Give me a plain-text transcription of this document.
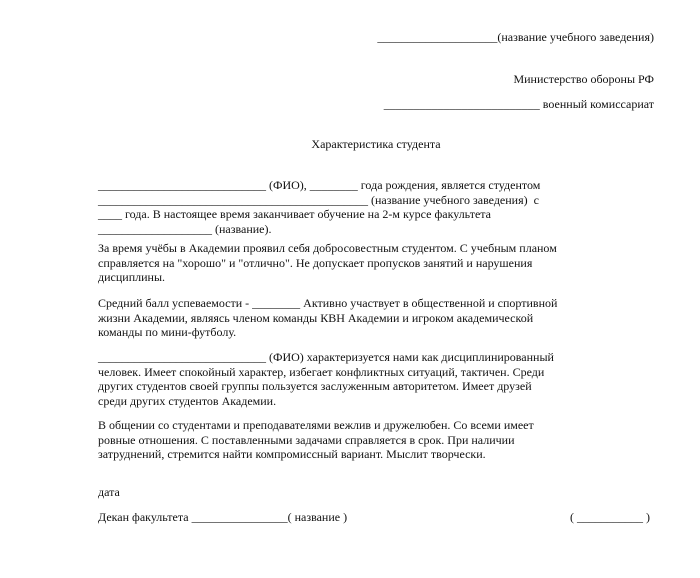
____________________(название учебного заведения)
Министерство обороны РФ
__________________________ военный комиссариат
Характеристика студента
____________________________ (ФИО), ________ года рождения, является студентом
_____________________________________________ (название учебного заведения)  с
____ года. В настоящее время заканчивает обучение на 2-м курсе факультета
___________________ (название).
За время учёбы в Академии проявил себя добросовестным студентом. С учебным планом
справляется на "хорошо" и "отлично". Не допускает пропусков занятий и нарушения
дисциплины.
Средний балл успеваемости - ________ Активно участвует в общественной и спортивной
жизни Академии, являясь членом команды КВН Академии и игроком академической
команды по мини-футболу.
____________________________ (ФИО) характеризуется нами как дисциплинированный
человек. Имеет спокойный характер, избегает конфликтных ситуаций, тактичен. Среди
других студентов своей группы пользуется заслуженным авторитетом. Имеет друзей
среди других студентов Академии.
В общении со студентами и преподавателями вежлив и дружелюбен. Со всеми имеет
ровные отношения. С поставленными задачами справляется в срок. При наличии
затруднений, стремится найти компромиссный вариант. Мыслит творчески.
дата
Декан факультета ________________( название )	( ___________ )
